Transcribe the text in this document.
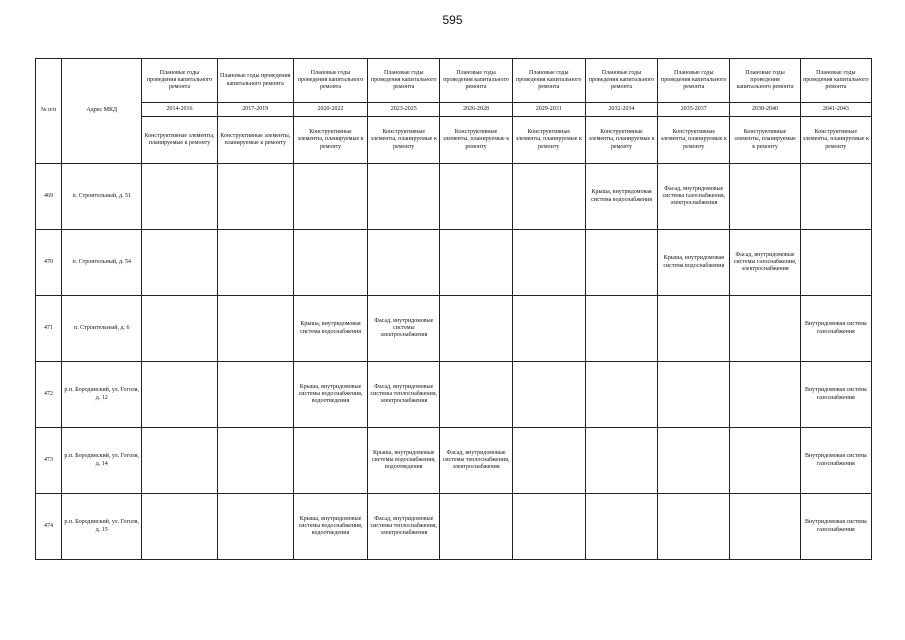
595
№ п/п	Адрес МКД	Плановые годы проведения капитального ремонта	Плановые годы проведения капитального ремонта	Плановые годы проведения капитального ремонта	Плановые годы проведения капитального ремонта	Плановые годы проведения капитального ремонта	Плановые годы проведения капитального ремонта	Плановые годы проведения капитального ремонта	Плановые годы проведения капитального ремонта	Плановые годы проведения капитального ремонта	Плановые годы проведения капитального ремонта
		2014-2016	2017-2019	2020-2022	2023-2025	2026-2028	2029-2031	2032-2034	2035-2037	2038-2040	2041-2043
		Конструктивные элементы, планируемые к ремонту	Конструктивные элементы, планируемые к ремонту	Конструктивные элементы, планируемые к ремонту	Конструктивные элементы, планируемые к ремонту	Конструктивные элементы, планируемые к ремонту	Конструктивные элементы, планируемые к ремонту	Конструктивные элементы, планируемые к ремонту	Конструктивные элементы, планируемые к ремонту	Конструктивные элементы, планируемые к ремонту	Конструктивные элементы, планируемые к ремонту
469	п. Строительный, д. 51							Крыша, внутридомовая система водоснабжения	Фасад, внутридомовые системы газоснабжения, электроснабжения		
470	п. Строительный, д. 54								Крыша, внутридомовая система водоснабжения	Фасад, внутридомовые системы газоснабжения, электроснабжения	
471	п. Строительный, д. 6			Крыша, внутридомовая система водоснабжения	Фасад, внутридомовые системы электроснабжения						Внутридомовая система газоснабжения
472	р.п. Бородинский, ул. Гоголя, д. 12			Крыша, внутридомовые системы водоснабжения, водоотведения	Фасад, внутридомовые системы теплоснабжения, электроснабжения						Внутридомовая система газоснабжения
473	р.п. Бородинский, ул. Гоголя, д. 14				Крыша, внутридомовые системы водоснабжения, водоотведения	Фасад, внутридомовые системы теплоснабжения, электроснабжения					Внутридомовая система газоснабжения
474	р.п. Бородинский, ул. Гоголя, д. 15			Крыша, внутридомовые системы водоснабжения, водоотведения	Фасад, внутридомовые системы теплоснабжения, электроснабжения						Внутридомовая система газоснабжения
